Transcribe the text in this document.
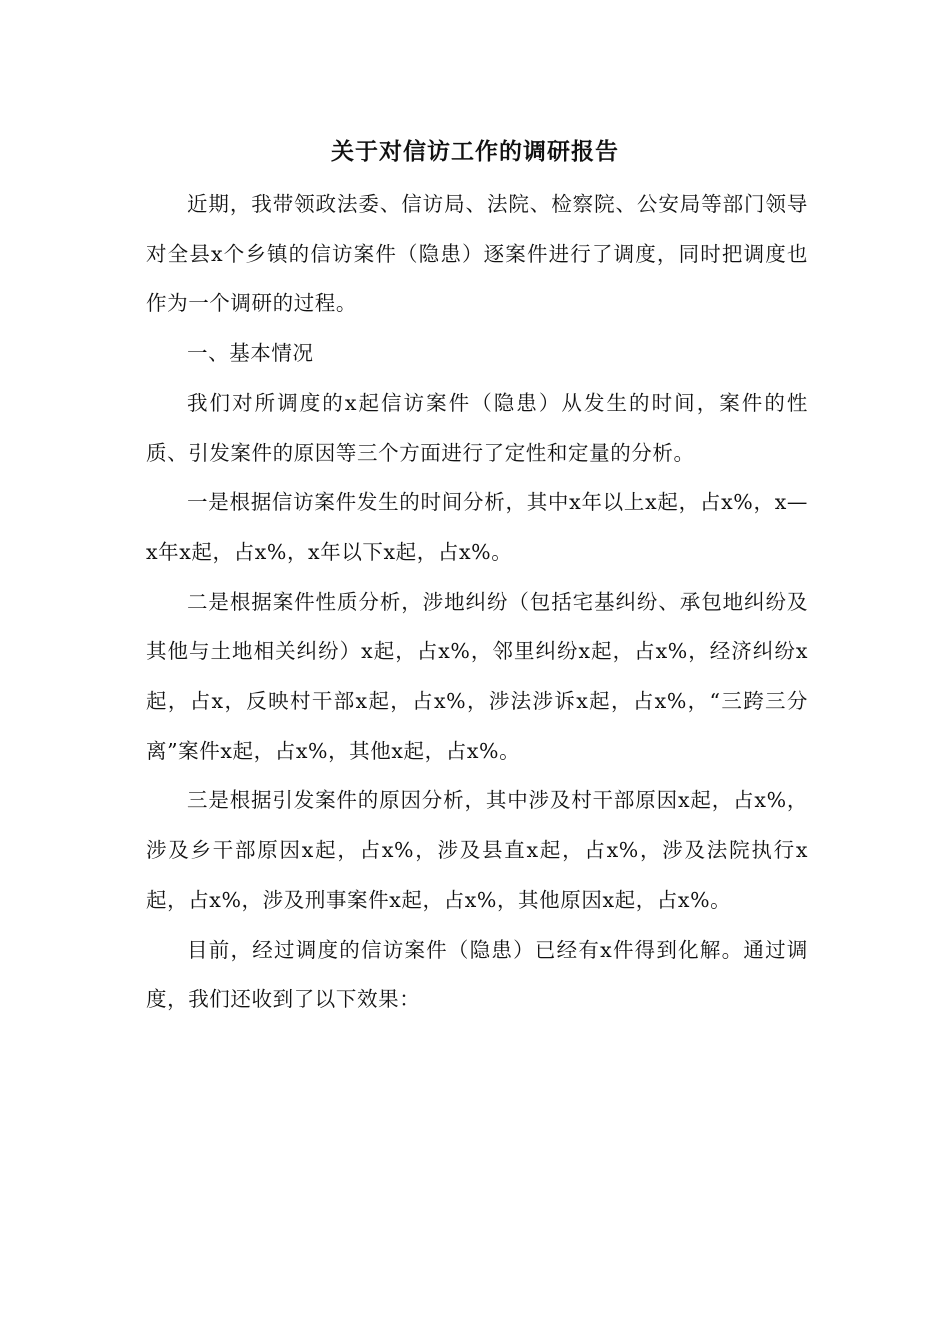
关于对信访工作的调研报告

近期，我带领政法委、信访局、法院、检察院、公安局等部门领导对全县x个乡镇的信访案件（隐患）逐案件进行了调度，同时把调度也作为一个调研的过程。

一、基本情况

我们对所调度的x起信访案件（隐患）从发生的时间，案件的性质、引发案件的原因等三个方面进行了定性和定量的分析。

一是根据信访案件发生的时间分析，其中x年以上x起，占x%，x—x年x起，占x%，x年以下x起，占x%。

二是根据案件性质分析，涉地纠纷（包括宅基纠纷、承包地纠纷及其他与土地相关纠纷）x起，占x%，邻里纠纷x起，占x%，经济纠纷x起，占x，反映村干部x起，占x%，涉法涉诉x起，占x%，“三跨三分离”案件x起，占x%，其他x起，占x%。

三是根据引发案件的原因分析，其中涉及村干部原因x起，占x%，涉及乡干部原因x起，占x%，涉及县直x起，占x%，涉及法院执行x起，占x%，涉及刑事案件x起，占x%，其他原因x起，占x%。

目前，经过调度的信访案件（隐患）已经有x件得到化解。通过调度，我们还收到了以下效果：
